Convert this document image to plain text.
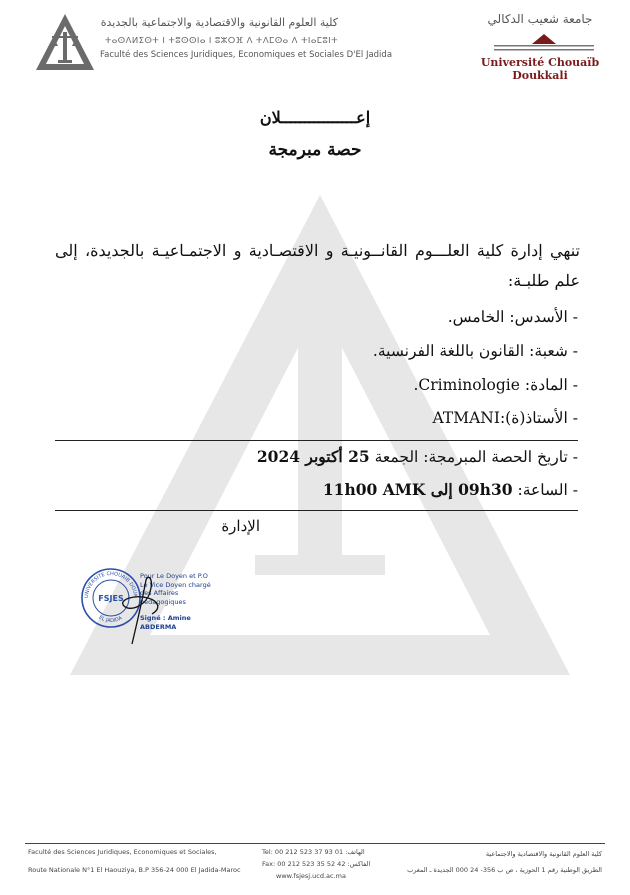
كلية العلوم القانونية والاقتصادية والاجتماعية بالجديدة
ⵜⴰⵙⴷⵍⵉⵙⵜ ⵏ ⵜⵓⵙⵙⵏⴰ ⵏ ⵓⵣⵔⴼ ⴷ ⵜⴷⵎⵙⴰ ⴷ ⵜⵏⴰⵎⵓⵏⵜ
Faculté des Sciences Juridiques, Economiques et Sociales D'El Jadida
جامعة شعيب الدكالي
Université Chouaïb Doukkali
إعــــــــــــــــلان
حصة مبرمجة
تنهي إدارة كلية العلـــوم القانــونيـة و الاقتصـادية و الاجتمـاعيـة بالجديدة، إلى علم طلبـة:
- الأسدس: الخامس.
- شعبة: القانون باللغة الفرنسية.
- المادة: Criminologie.
- الأستاذ(ة):ATMANI
- تاريخ الحصة المبرمجة: الجمعة 25 أكتوبر 2024
- الساعة: 09h30 إلى 11h00 AMK
الإدارة
UNIVERSITE CHOUAIB DOUK
EL JADIDA
FSJES
Pour Le Doyen et P.O
Le Vice Doyen chargé
des Affaires pédagogiques
Signé : Amine ABDERMA
Faculté des Sciences Juridiques, Economiques et Sociales,
Route Nationale N°1 El Haouziya, B.P 356-24 000 El Jadida-Maroc
Tel: 00 212 523 37 93 01 :الهاتف
Fax: 00 212 523 35 52 42 :الفاكس
www.fsjesj.ucd.ac.ma
كلية العلوم القانونية والاقتصادية والاجتماعية
الطريق الوطنية رقم 1 الحوزية ، ص ب 356- 24 000 الجديدة ـ المغرب
